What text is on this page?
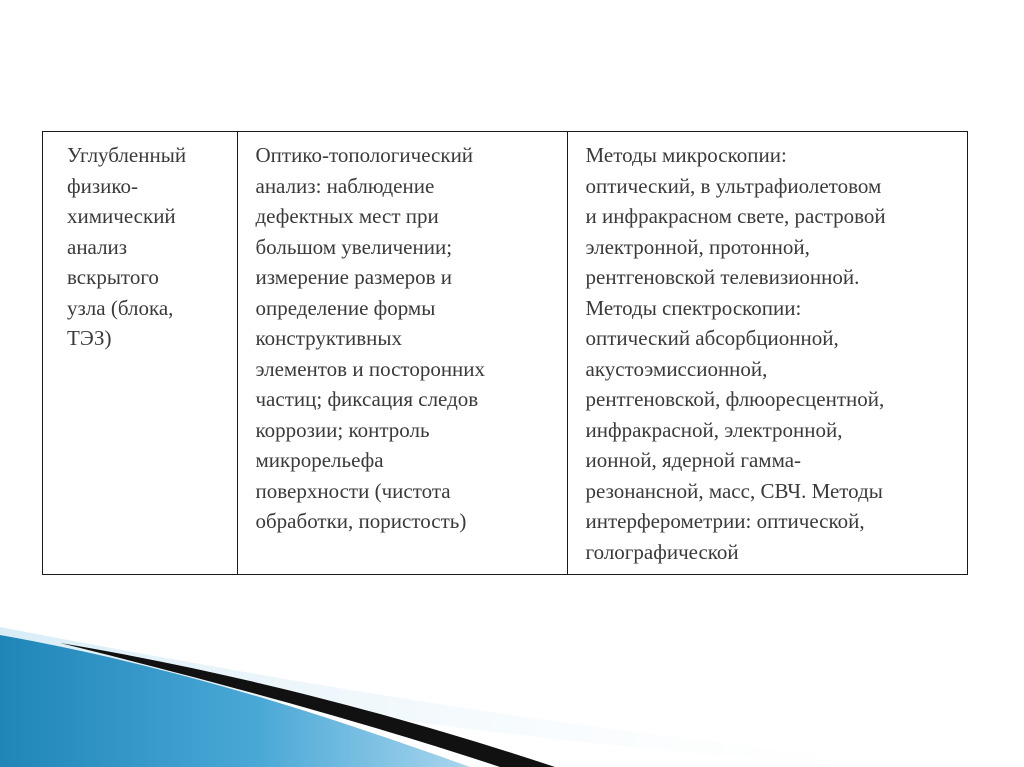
Углубленный
физико-
химический
анализ
вскрытого
узла (блока,
ТЭЗ)

Оптико-топологический
анализ: наблюдение
дефектных мест при
большом увеличении;
измерение размеров и
определение формы
конструктивных
элементов и посторонних
частиц; фиксация следов
коррозии; контроль
микрорельефа
поверхности (чистота
обработки, пористость)

Методы микроскопии:
оптический, в ультрафиолетовом
и инфракрасном свете, растровой
электронной, протонной,
рентгеновской телевизионной.
Методы спектроскопии:
оптический абсорбционной,
акустоэмиссионной,
рентгеновской, флюоресцентной,
инфракрасной, электронной,
ионной, ядерной гамма-
резонансной, масс, СВЧ. Методы
интерферометрии: оптической,
голографической
